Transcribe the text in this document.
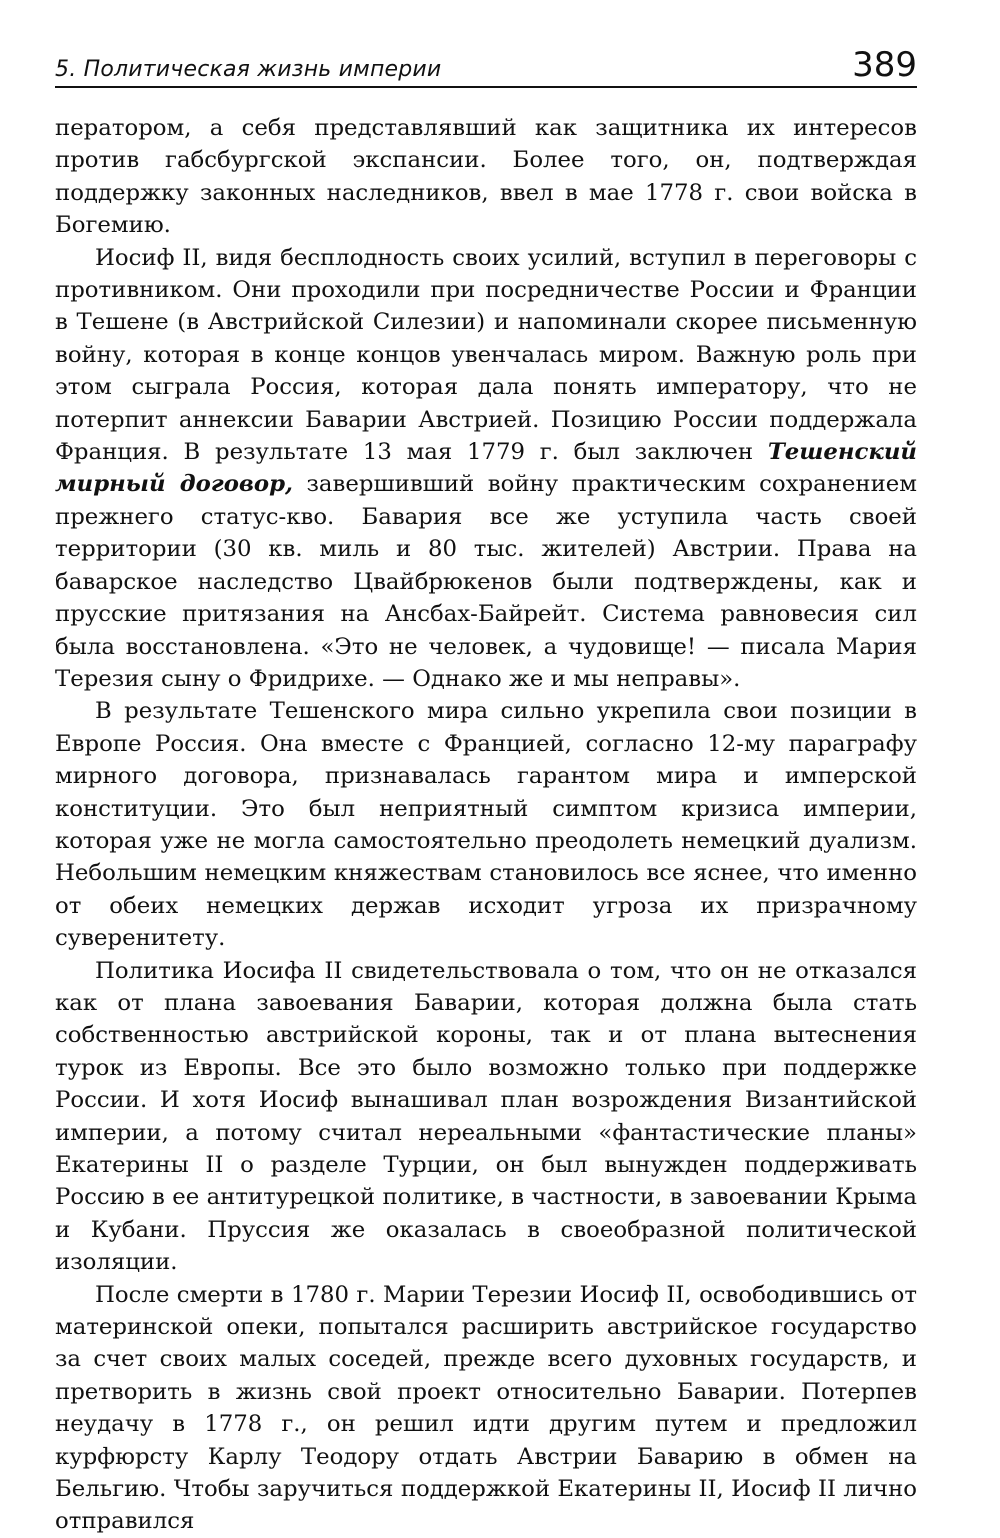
5. Политическая жизнь империи	389

ператором, а себя представлявший как защитника их интересов против габсбургской экспансии. Более того, он, подтверждая поддержку законных наследников, ввел в мае 1778 г. свои войска в Богемию.

Иосиф II, видя бесплодность своих усилий, вступил в переговоры с противником. Они проходили при посредничестве России и Франции в Тешене (в Австрийской Силезии) и напоминали скорее письменную войну, которая в конце концов увенчалась миром. Важную роль при этом сыграла Россия, которая дала понять императору, что не потерпит аннексии Баварии Австрией. Позицию России поддержала Франция. В результате 13 мая 1779 г. был заключен Тешенский мирный договор, завершивший войну практическим сохранением прежнего статус-кво. Бавария все же уступила часть своей территории (30 кв. миль и 80 тыс. жителей) Австрии. Права на баварское наследство Цвайбрюкенов были подтверждены, как и прусские притязания на Ансбах-Байрейт. Система равновесия сил была восстановлена. «Это не человек, а чудовище! — писала Мария Терезия сыну о Фридрихе. — Однако же и мы неправы».

В результате Тешенского мира сильно укрепила свои позиции в Европе Россия. Она вместе с Францией, согласно 12-му параграфу мирного договора, признавалась гарантом мира и имперской конституции. Это был неприятный симптом кризиса империи, которая уже не могла самостоятельно преодолеть немецкий дуализм. Небольшим немецким княжествам становилось все яснее, что именно от обеих немецких держав исходит угроза их призрачному суверенитету.

Политика Иосифа II свидетельствовала о том, что он не отказался как от плана завоевания Баварии, которая должна была стать собственностью австрийской короны, так и от плана вытеснения турок из Европы. Все это было возможно только при поддержке России. И хотя Иосиф вынашивал план возрождения Византийской империи, а потому считал нереальными «фантастические планы» Екатерины II о разделе Турции, он был вынужден поддерживать Россию в ее антитурецкой политике, в частности, в завоевании Крыма и Кубани. Пруссия же оказалась в своеобразной политической изоляции.

После смерти в 1780 г. Марии Терезии Иосиф II, освободившись от материнской опеки, попытался расширить австрийское государство за счет своих малых соседей, прежде всего духовных государств, и претворить в жизнь свой проект относительно Баварии. Потерпев неудачу в 1778 г., он решил идти другим путем и предложил курфюрсту Карлу Теодору отдать Австрии Баварию в обмен на Бельгию. Чтобы заручиться поддержкой Екатерины II, Иосиф II лично отправился
